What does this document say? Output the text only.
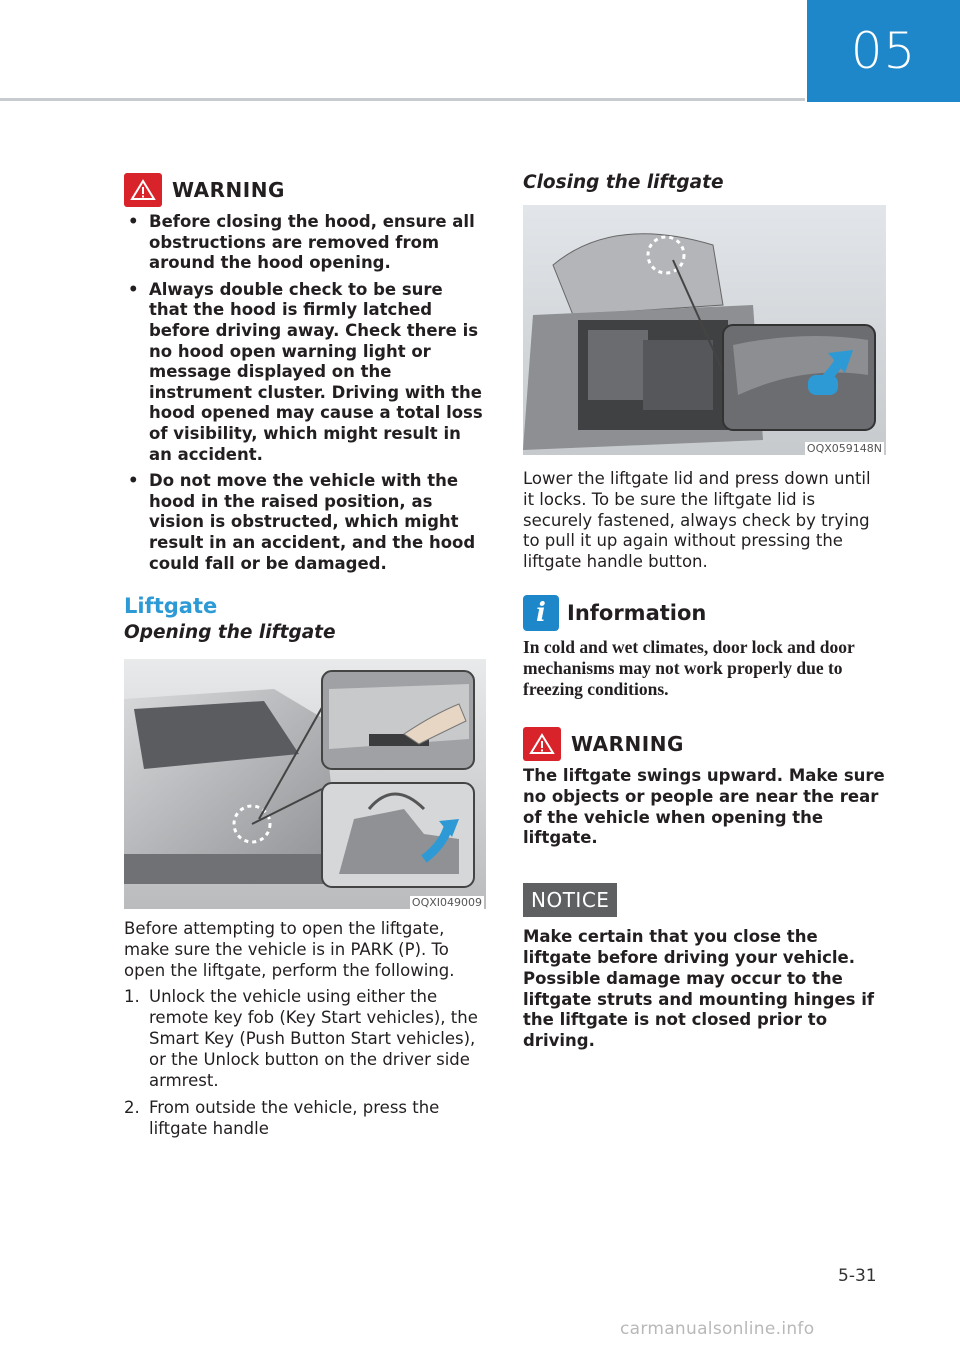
05
WARNING
• Before closing the hood, ensure all obstructions are removed from around the hood opening.
• Always double check to be sure that the hood is firmly latched before driving away. Check there is no hood open warning light or message displayed on the instrument cluster. Driving with the hood opened may cause a total loss of visibility, which might result in an accident.
• Do not move the vehicle with the hood in the raised position, as vision is obstructed, which might result in an accident, and the hood could fall or be damaged.
Liftgate
Opening the liftgate
OQXI049009

Before attempting to open the liftgate, make sure the vehicle is in PARK (P). To open the liftgate, perform the following.

1. Unlock the vehicle using either the remote key fob (Key Start vehicles), the Smart Key (Push Button Start vehicles), or the Unlock button on the driver side armrest.
2. From outside the vehicle, press the liftgate handle
Closing the liftgate
OQX059148N

Lower the liftgate lid and press down until it locks. To be sure the liftgate lid is securely fastened, always check by trying to pull it up again without pressing the liftgate handle button.

i	Information

In cold and wet climates, door lock and door mechanisms may not work properly due to freezing conditions.

WARNING

The liftgate swings upward. Make sure no objects or people are near the rear of the vehicle when opening the liftgate.

NOTICE

Make certain that you close the liftgate before driving your vehicle. Possible damage may occur to the liftgate struts and mounting hinges if the liftgate is not closed prior to driving.

5-31
carmanualsonline.info
